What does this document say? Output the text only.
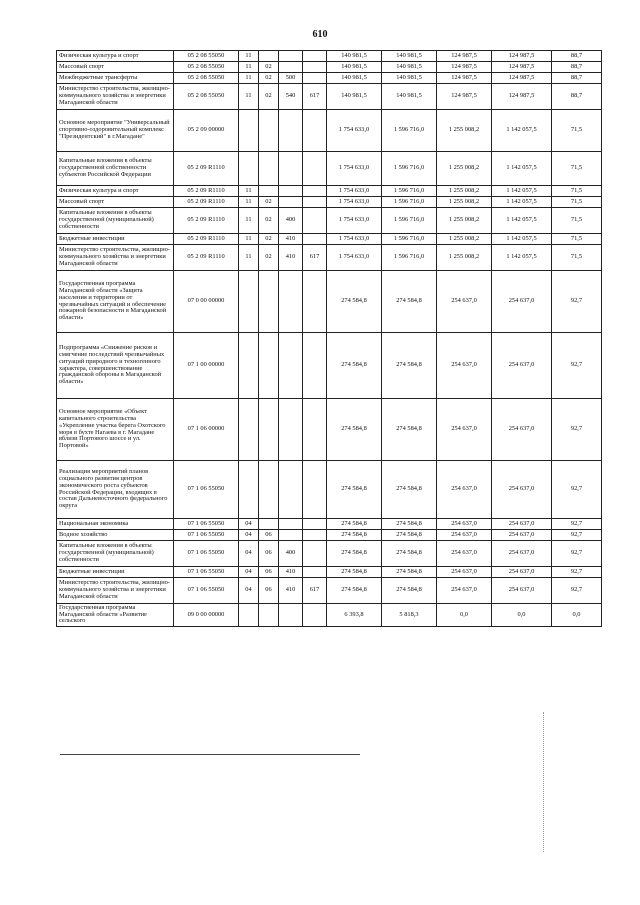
610
Физическая культура и спорт	05 2 08 55050	11				140 981,5	140 981,5	124 987,5	124 987,5	88,7
Массовый спорт	05 2 08 55050	11	02			140 981,5	140 981,5	124 987,5	124 987,5	88,7
Межбюджетные трансферты	05 2 08 55050	11	02	500		140 981,5	140 981,5	124 987,5	124 987,5	88,7
Министерство строительства, жилищно-коммунального хозяйства и энергетики Магаданской области	05 2 08 55050	11	02	540	617	140 981,5	140 981,5	124 987,5	124 987,5	88,7
Основное мероприятие "Универсальный спортивно-оздоровительный комплекс "Президентский" в г.Магадане"	05 2 09 00000					1 754 633,0	1 596 716,0	1 255 008,2	1 142 057,5	71,5
Капитальные вложения в объекты государственной собственности субъектов Российской Федерации	05 2 09 R1110					1 754 633,0	1 596 716,0	1 255 008,2	1 142 057,5	71,5
Физическая культура и спорт	05 2 09 R1110	11				1 754 633,0	1 596 716,0	1 255 008,2	1 142 057,5	71,5
Массовый спорт	05 2 09 R1110	11	02			1 754 633,0	1 596 716,0	1 255 008,2	1 142 057,5	71,5
Капитальные вложения в объекты государственной (муниципальной) собственности	05 2 09 R1110	11	02	400		1 754 633,0	1 596 716,0	1 255 008,2	1 142 057,5	71,5
Бюджетные инвестиции	05 2 09 R1110	11	02	410		1 754 633,0	1 596 716,0	1 255 008,2	1 142 057,5	71,5
Министерство строительства, жилищно-коммунального хозяйства и энергетики Магаданской области	05 2 09 R1110	11	02	410	617	1 754 633,0	1 596 716,0	1 255 008,2	1 142 057,5	71,5
Государственная программа Магаданской области «Защита населения и территории от чрезвычайных ситуаций и обеспечение пожарной безопасности в Магаданской области»	07 0 00 00000					274 584,8	274 584,8	254 637,0	254 637,0	92,7
Подпрограмма «Снижение рисков и смягчение последствий чрезвычайных ситуаций природного и техногенного характера, совершенствование гражданской обороны в Магаданской области»	07 1 00 00000					274 584,8	274 584,8	254 637,0	254 637,0	92,7
Основное мероприятие «Объект капитального строительства «Укрепление участка берега Охотского моря в бухте Нагаева в г. Магадане вблизи Портового шоссе и ул. Портовой»	07 1 06 00000					274 584,8	274 584,8	254 637,0	254 637,0	92,7
Реализация мероприятий планов социального развития центров экономического роста субъектов Российской Федерации, входящих в состав Дальневосточного федерального округа	07 1 06 55050					274 584,8	274 584,8	254 637,0	254 637,0	92,7
Национальная экономика	07 1 06 55050	04				274 584,8	274 584,8	254 637,0	254 637,0	92,7
Водное хозяйство	07 1 06 55050	04	06			274 584,8	274 584,8	254 637,0	254 637,0	92,7
Капитальные вложения в объекты государственной (муниципальной) собственности	07 1 06 55050	04	06	400		274 584,8	274 584,8	254 637,0	254 637,0	92,7
Бюджетные инвестиции	07 1 06 55050	04	06	410		274 584,8	274 584,8	254 637,0	254 637,0	92,7
Министерство строительства, жилищно-коммунального хозяйства и энергетики Магаданской области	07 1 06 55050	04	06	410	617	274 584,8	274 584,8	254 637,0	254 637,0	92,7
Государственная программа Магаданской области «Развитие сельского	09 0 00 00000					6 393,8	5 818,3	0,0	0,0	0,0
